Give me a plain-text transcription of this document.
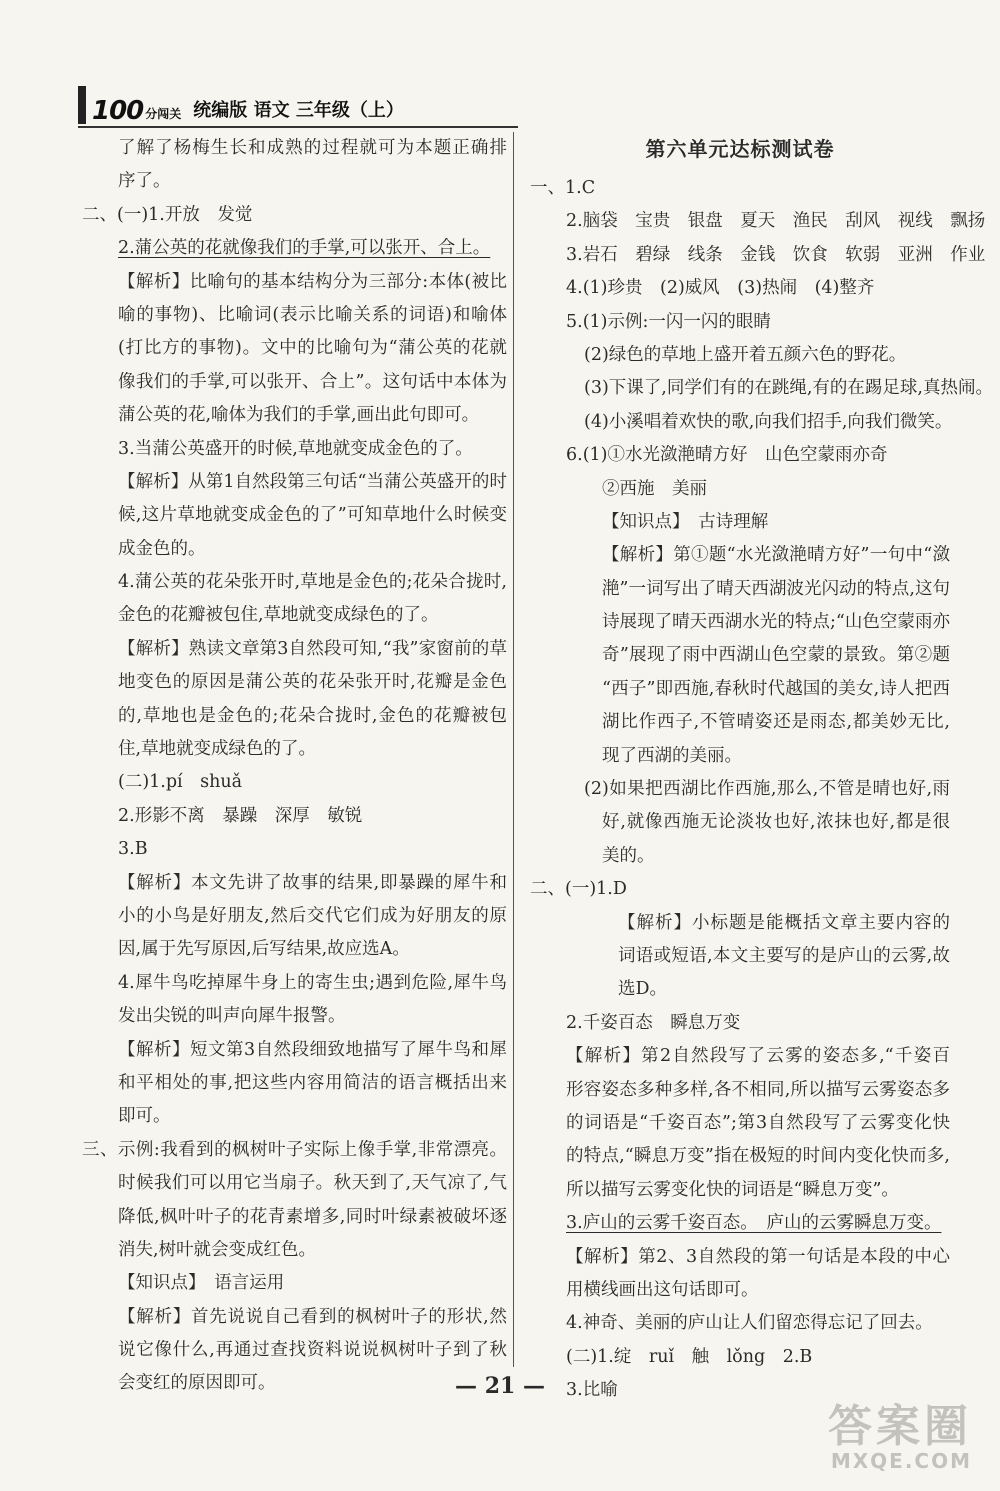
100 分闯关 统编版 语文 三年级（上）
了解了杨梅生长和成熟的过程就可为本题正确排
序了。
二、(一)1.开放　发觉
2.蒲公英的花就像我们的手掌,可以张开、合上。
【解析】比喻句的基本结构分为三部分:本体(被比
喻的事物)、比喻词(表示比喻关系的词语)和喻体
(打比方的事物)。文中的比喻句为“蒲公英的花就
像我们的手掌,可以张开、合上”。这句话中本体为
蒲公英的花,喻体为我们的手掌,画出此句即可。
3.当蒲公英盛开的时候,草地就变成金色的了。
【解析】从第1自然段第三句话“当蒲公英盛开的时
候,这片草地就变成金色的了”可知草地什么时候变
成金色的。
4.蒲公英的花朵张开时,草地是金色的;花朵合拢时,
金色的花瓣被包住,草地就变成绿色的了。
【解析】熟读文章第3自然段可知,“我”家窗前的草
地变色的原因是蒲公英的花朵张开时,花瓣是金色
的,草地也是金色的;花朵合拢时,金色的花瓣被包
住,草地就变成绿色的了。
(二)1.pí　shuǎ
2.形影不离　暴躁　深厚　敏锐
3.B
【解析】本文先讲了故事的结果,即暴躁的犀牛和
小的小鸟是好朋友,然后交代它们成为好朋友的原
因,属于先写原因,后写结果,故应选A。
4.犀牛鸟吃掉犀牛身上的寄生虫;遇到危险,犀牛鸟
发出尖锐的叫声向犀牛报警。
【解析】短文第3自然段细致地描写了犀牛鸟和犀
和平相处的事,把这些内容用简洁的语言概括出来
即可。
三、示例:我看到的枫树叶子实际上像手掌,非常漂亮。
时候我们可以用它当扇子。秋天到了,天气凉了,气
降低,枫叶叶子的花青素增多,同时叶绿素被破坏逐
消失,树叶就会变成红色。
【知识点】　语言运用
【解析】首先说说自己看到的枫树叶子的形状,然
说它像什么,再通过查找资料说说枫树叶子到了秋
会变红的原因即可。
第六单元达标测试卷
一、1.C
2.脑袋　宝贵　银盘　夏天　渔民　刮风　视线　飘扬
3.岩石　碧绿　线条　金钱　饮食　软弱　亚洲　作业
4.(1)珍贵　(2)威风　(3)热闹　(4)整齐
5.(1)示例:一闪一闪的眼睛
(2)绿色的草地上盛开着五颜六色的野花。
(3)下课了,同学们有的在跳绳,有的在踢足球,真热闹。
(4)小溪唱着欢快的歌,向我们招手,向我们微笑。
6.(1)①水光潋滟晴方好　山色空蒙雨亦奇
②西施　美丽
【知识点】　古诗理解
【解析】第①题“水光潋滟晴方好”一句中“潋
滟”一词写出了晴天西湖波光闪动的特点,这句
诗展现了晴天西湖水光的特点;“山色空蒙雨亦
奇”展现了雨中西湖山色空蒙的景致。第②题
“西子”即西施,春秋时代越国的美女,诗人把西
湖比作西子,不管晴姿还是雨态,都美妙无比,
现了西湖的美丽。
(2)如果把西湖比作西施,那么,不管是晴也好,雨
好,就像西施无论淡妆也好,浓抹也好,都是很
美的。
二、(一)1.D
【解析】小标题是能概括文章主要内容的
词语或短语,本文主要写的是庐山的云雾,故
选D。
2.千姿百态　瞬息万变
【解析】第2自然段写了云雾的姿态多,“千姿百
形容姿态多种多样,各不相同,所以描写云雾姿态多
的词语是“千姿百态”;第3自然段写了云雾变化快
的特点,“瞬息万变”指在极短的时间内变化快而多,
所以描写云雾变化快的词语是“瞬息万变”。
3.庐山的云雾千姿百态。　庐山的云雾瞬息万变。
【解析】第2、3自然段的第一句话是本段的中心
用横线画出这句话即可。
4.神奇、美丽的庐山让人们留恋得忘记了回去。
(二)1.绽　ruǐ　触　lǒng　2.B
3.比喻
— 21 —
答案圈
MXQE.COM
